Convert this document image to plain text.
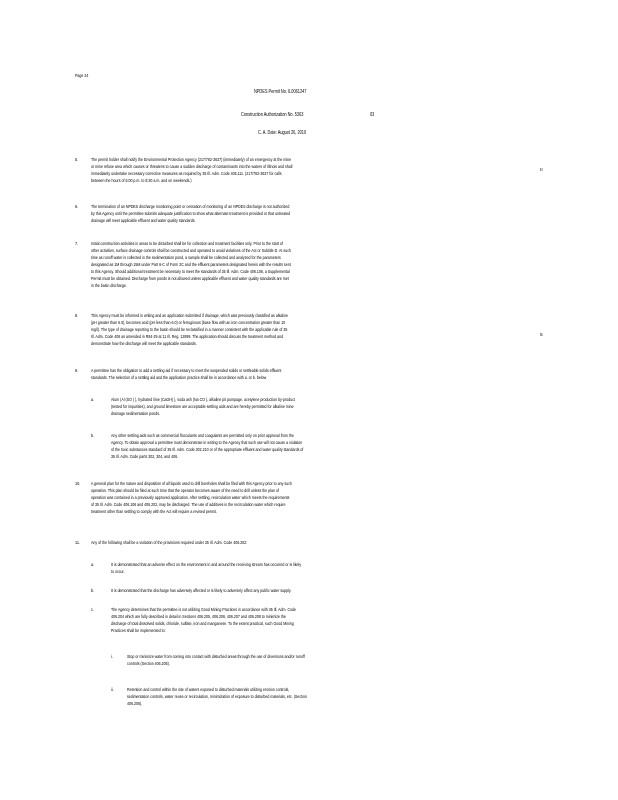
Page 24
NPDES Permit No. IL0061247
Construction Authorization No. 5363	03
C. A. Date: August 26, 2010
II
5
5.	The permit holder shall notify the Environmental Protection Agency (217/782-3637) (immediately) of an emergency at the mine
or mine refuse area which causes or threatens to cause a sudden discharge of contaminants into the waters of Illinois and shall
immediately undertake necessary corrective measures as required by 35 Ill. Adm. Code 405.111. (217/782-3637 for calls
between the hours of 5:00 p.m. to 8:30 a.m. and on weekends.)
6.	The termination of an NPDES discharge monitoring point or cessation of monitoring of an NPDES discharge is not authorized
by this Agency until the permittee submits adequate justification to show what alternate treatment is provided or that untreated
drainage will meet applicable effluent and water quality standards.
7.	Initial construction activities in areas to be disturbed shall be for collection and treatment facilities only. Prior to the start of
other activities, surface drainage controls shall be constructed and operated to avoid violations of the Act or Subtitle D. At such
time as runoff water is collected in the sedimentation pond, a sample shall be collected and analyzed for the parameters
designated as 1M through 15M under Part 6-C of Form 2C and the effluent parameters designated herein with the results sent
to this Agency. Should additional treatment be necessary to meet the standards of 35 Ill. Adm. Code 406.106, a Supplemental
Permit must be obtained. Discharge from ponds is not allowed unless applicable effluent and water quality standards are met
in the basin discharge.
8.	This Agency must be informed in writing and an application submitted if drainage, which was previously classified as alkaline
(pH greater than 6.0), becomes acid (pH less than 6.0) or ferruginous (base flow with an iron concentration greater than 10
mg/l). The type of drainage reporting to the basin should be reclassified in a manner consistent with the applicable rule of 35
Ill. Adm. Code 406 as amended in R84-29 at 11 Ill. Reg. 12899. The application should discuss the treatment method and
demonstrate how the discharge will meet the applicable standards.
9.	A permittee has the obligation to add a settling aid if necessary to meet the suspended solids or settleable solids effluent
standards. The selection of a settling aid and the application practice shall be in accordance with a. or b. below
a.	Alum (Al (SO ) ), hydrated lime (CaOH) ), soda ash (Na CO ), alkaline pit pumpage, acetylene production by-product
(tested for impurities), and ground limestone are acceptable settling aids and are hereby permitted for alkaline mine
drainage sedimentation ponds.
b.	Any other settling aids such as commercial flocculants and coagulants are permitted only on prior approval from the
Agency. To obtain approval a permittee must demonstrate in writing to the Agency that such use will not cause a violation
of the toxic substances standard of 35 Ill. Adm. Code 302.210 or of the appropriate effluent and water quality standards of
35 Ill. Adm. Code parts 302, 304, and 406.
10. A general plan for the nature and disposition of all liquids used to drill boreholes shall be filed with this Agency prior to any such
operation. This plan should be filed at such time that the operator becomes aware of the need to drill unless the plan of
operation was contained in a previously approved application. After settling, recirculation water which meets the requirements
of 35 Ill. Adm. Code 406.106 and 406.202, may be discharged. The use of additives in the recirculation water which require
treatment other than settling to comply with the Act will require a revised permit.
11. Any of the following shall be a violation of the provisions required under 35 Ill. Adm. Code 406.202:
a.	It is demonstrated that an adverse effect on the environment in and around the receiving stream has occurred or is likely
to occur.
b.	It is demonstrated that the discharge has adversely affected or is likely to adversely affect any public water supply.
c.	The Agency determines that the permittee is not utilizing Good Mining Practices in accordance with 35 Ill. Adm. Code
406.204 which are fully described in detail in Sections 406.205, 406.206, 406.207 and 406.208 to minimize the
discharge of total dissolved solids, chloride, sulfate, iron and manganese. To the extent practical, such Good Mining
Practices shall be implemented to:
i.	Stop or minimize water from coming into contact with disturbed areas through the use of diversions and/or runoff
controls (Section 406.205).
ii.	Retention and control within the site of waters exposed to disturbed materials utilizing erosion controls,
sedimentation controls, water reuse or recirculation, minimization of exposure to disturbed materials, etc. (Section
406.206).
